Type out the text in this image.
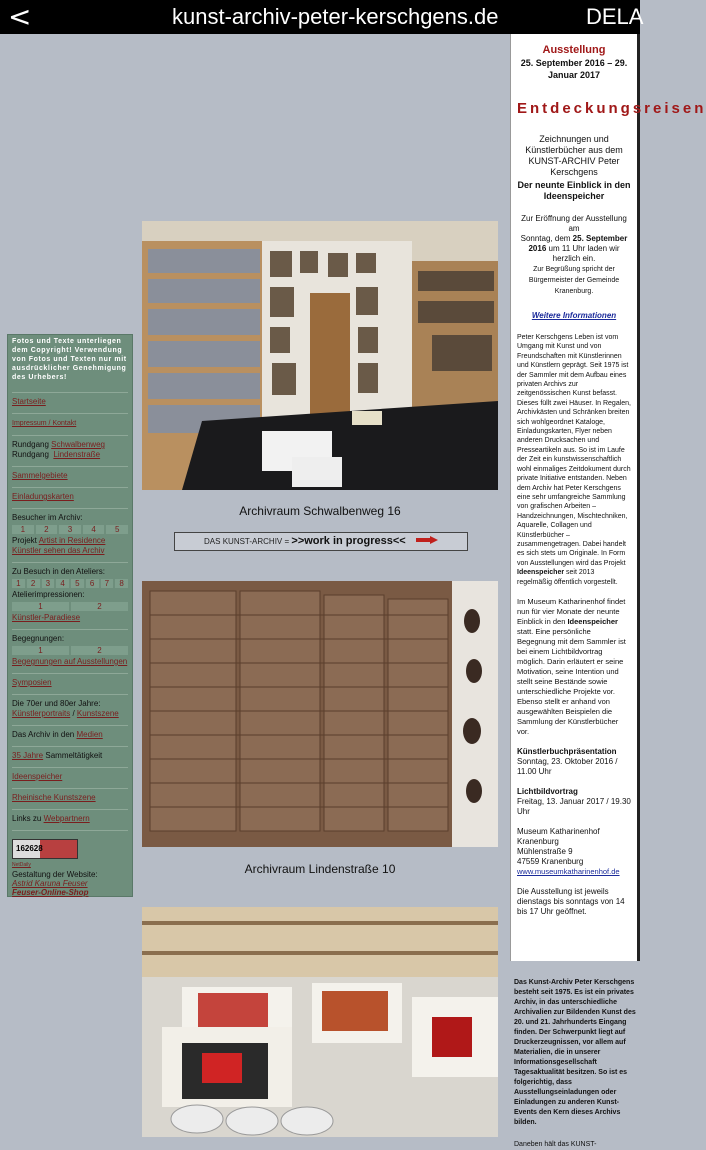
<	kunst-archiv-peter-kerschgens.de	DELA
Fotos und Texte unterliegen dem Copyright! Verwendung von Fotos und Texten nur mit ausdrücklicher Genehmigung des Urhebers!
Startseite
Impressum / Kontakt
Rundgang Schwalbenweg
Rundgang Lindenstraße
Sammelgebiete
Einladungskarten
Besucher im Archiv:
1	2	3	4	5
Projekt Artist in Residence
Künstler sehen das Archiv
Zu Besuch in den Ateliers:
1	2	3	4	5	6	7	8
Atelierimpressionen:
1	2
Künstler-Paradiese
Begegnungen:
1	2
Begegnungen auf Ausstellungen
Symposien
Die 70er und 80er Jahre:
Künstlerportraits / Kunstszene
Das Archiv in den Medien
35 Jahre Sammeltätigkeit
Ideenspeicher
Rheinische Kunstszene
Links zu Webpartnern
162628
NetDaily
Gestaltung der Website:
Astrid Karuna Feuser
Feuser-Online-Shop
Archivraum Schwalbenweg 16
DAS KUNST-ARCHIV = >>work in progress<<
Archivraum Lindenstraße 10
Ausstellung
25. September 2016 – 29. Januar 2017
Entdeckungsreisen

Zeichnungen und Künstlerbücher aus dem KUNST-ARCHIV Peter Kerschgens

Der neunte Einblick in den Ideenspeicher

Zur Eröffnung der Ausstellung am
Sonntag, dem 25. September 2016 um 11 Uhr laden wir herzlich ein.
Zur Begrüßung spricht der Bürgermeister der Gemeinde Kranenburg.

Weitere Informationen

Peter Kerschgens Leben ist vom Umgang mit Kunst und von Freundschaften mit Künstlerinnen und Künstlern geprägt. Seit 1975 ist der Sammler mit dem Aufbau eines privaten Archivs zur zeitgenössischen Kunst befasst. Dieses füllt zwei Häuser. In Regalen, Archivkästen und Schränken breiten sich wohlgeordnet Kataloge, Einladungskarten, Flyer neben anderen Drucksachen und Presseartikeln aus. So ist im Laufe der Zeit ein kunstwissenschaftlich wohl einmaliges Zeitdokument durch private Initiative entstanden. Neben dem Archiv hat Peter Kerschgens eine sehr umfangreiche Sammlung von grafischen Arbeiten – Handzeichnungen, Mischtechniken, Aquarelle, Collagen und Künstlerbücher – zusammengetragen. Dabei handelt es sich stets um Originale. In Form von Ausstellungen wird das Projekt Ideenspeicher seit 2013 regelmäßig öffentlich vorgestellt.

Im Museum Katharinenhof findet nun für vier Monate der neunte Einblick in den Ideenspeicher statt. Eine persönliche Begegnung mit dem Sammler ist bei einem Lichtbildvortrag möglich. Darin erläutert er seine Motivation, seine Intention und stellt seine Bestände sowie unterschiedliche Projekte vor. Ebenso stellt er anhand von ausgewählten Beispielen die Sammlung der Künstlerbücher vor.

Künstlerbuchpräsentation
Sonntag, 23. Oktober 2016 / 11.00 Uhr

Lichtbildvortrag
Freitag, 13. Januar 2017 / 19.30 Uhr

Museum Katharinenhof
Kranenburg
Mühlenstraße 9
47559 Kranenburg
www.museumkatharinenhof.de

Die Ausstellung ist jeweils dienstags bis sonntags von 14 bis 17 Uhr geöffnet.

Das Kunst-Archiv Peter Kerschgens besteht seit 1975. Es ist ein privates Archiv, in das unterschiedliche Archivalien zur Bildenden Kunst des 20. und 21. Jahrhunderts Eingang finden. Der Schwerpunkt liegt auf Druckerzeugnissen, vor allem auf Materialien, die in unserer Informationsgesellschaft Tagesaktualität besitzen. So ist es folgerichtig, dass Ausstellungseinladungen oder Einladungen zu anderen Kunst-Events den Kern dieses Archivs bilden.
Daneben hält das KUNST-
